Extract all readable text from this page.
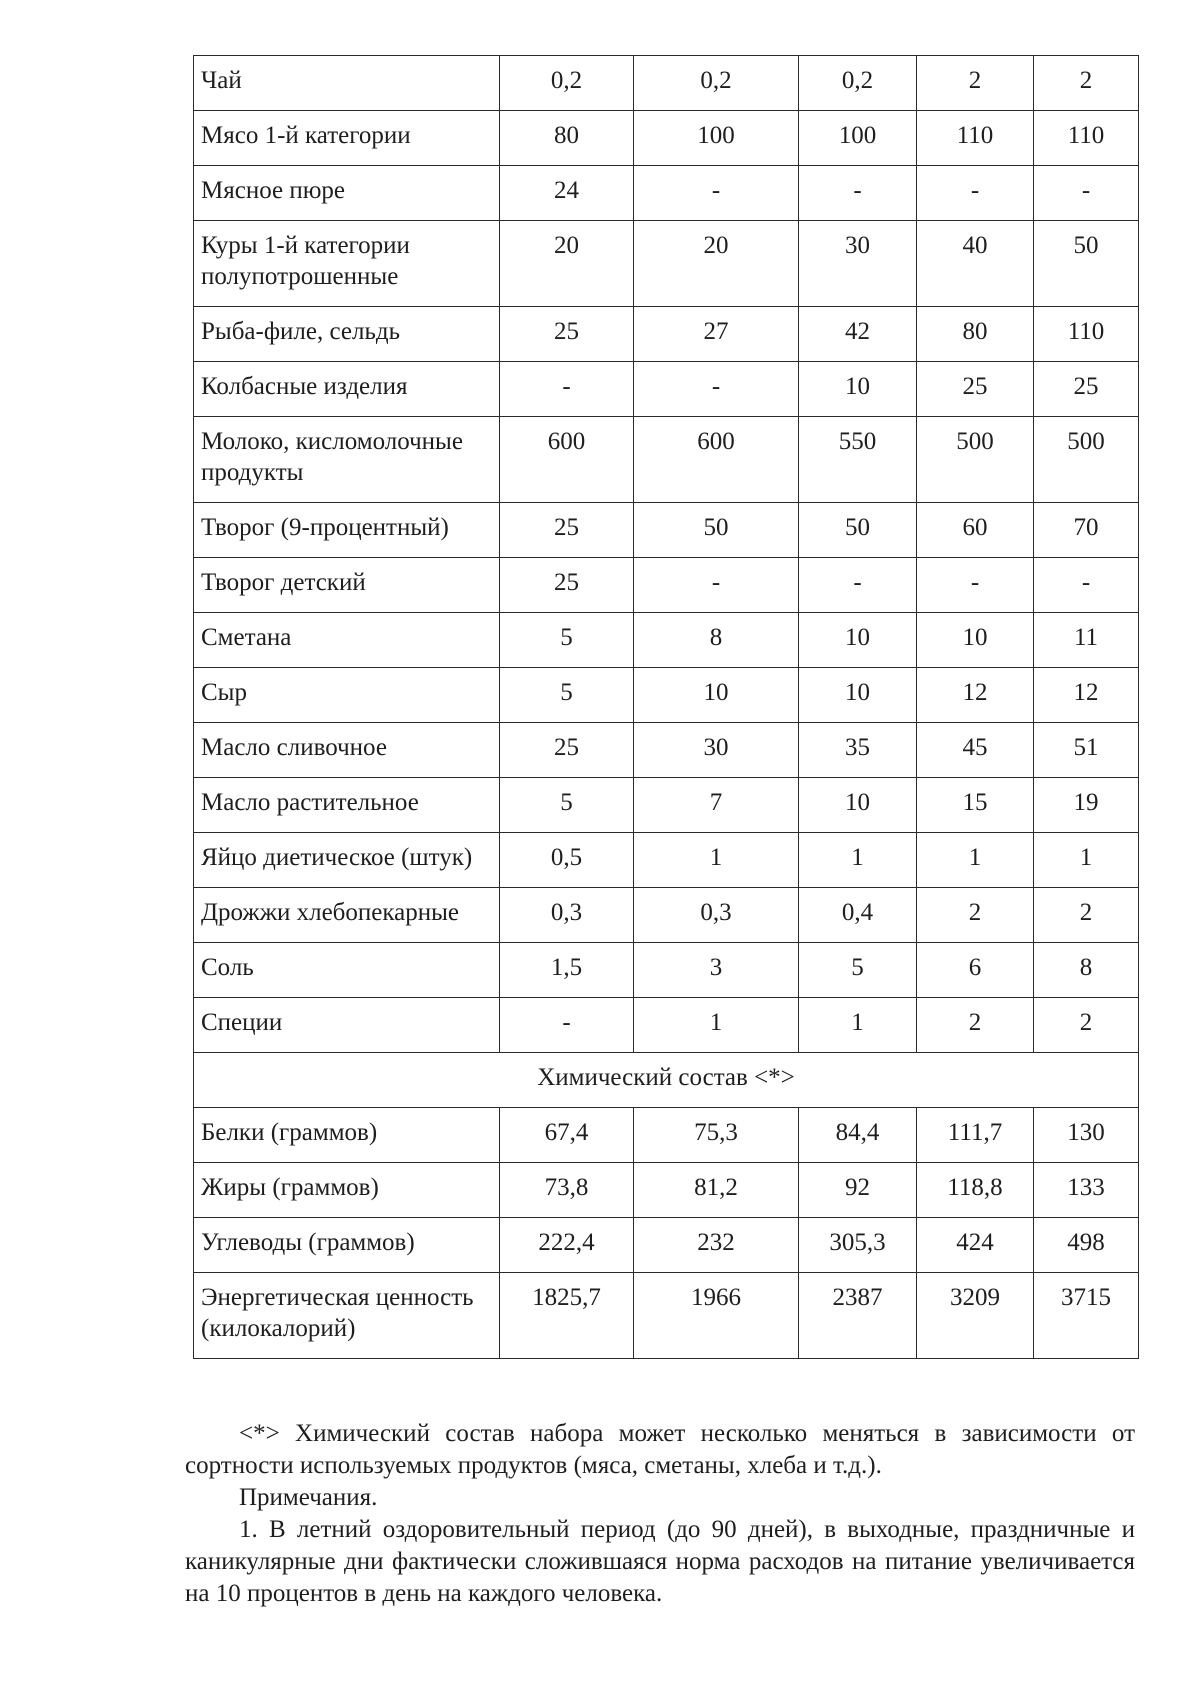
Чай	0,2	0,2	0,2	2	2
Мясо 1-й категории	80	100	100	110	110
Мясное пюре	24	-	-	-	-
Куры 1-й категории полупотрошенные	20	20	30	40	50
Рыба-филе, сельдь	25	27	42	80	110
Колбасные изделия	-	-	10	25	25
Молоко, кисломолочные продукты	600	600	550	500	500
Творог (9-процентный)	25	50	50	60	70
Творог детский	25	-	-	-	-
Сметана	5	8	10	10	11
Сыр	5	10	10	12	12
Масло сливочное	25	30	35	45	51
Масло растительное	5	7	10	15	19
Яйцо диетическое (штук)	0,5	1	1	1	1
Дрожжи хлебопекарные	0,3	0,3	0,4	2	2
Соль	1,5	3	5	6	8
Специи	-	1	1	2	2
Химический состав <*>					
Белки (граммов)	67,4	75,3	84,4	111,7	130
Жиры (граммов)	73,8	81,2	92	118,8	133
Углеводы (граммов)	222,4	232	305,3	424	498
Энергетическая ценность (килокалорий)	1825,7	1966	2387	3209	3715

<*> Химический состав набора может несколько меняться в зависимости от сортности используемых продуктов (мяса, сметаны, хлеба и т.д.).

Примечания.

1. В летний оздоровительный период (до 90 дней), в выходные, праздничные и каникулярные дни фактически сложившаяся норма расходов на питание увеличивается на 10 процентов в день на каждого человека.
